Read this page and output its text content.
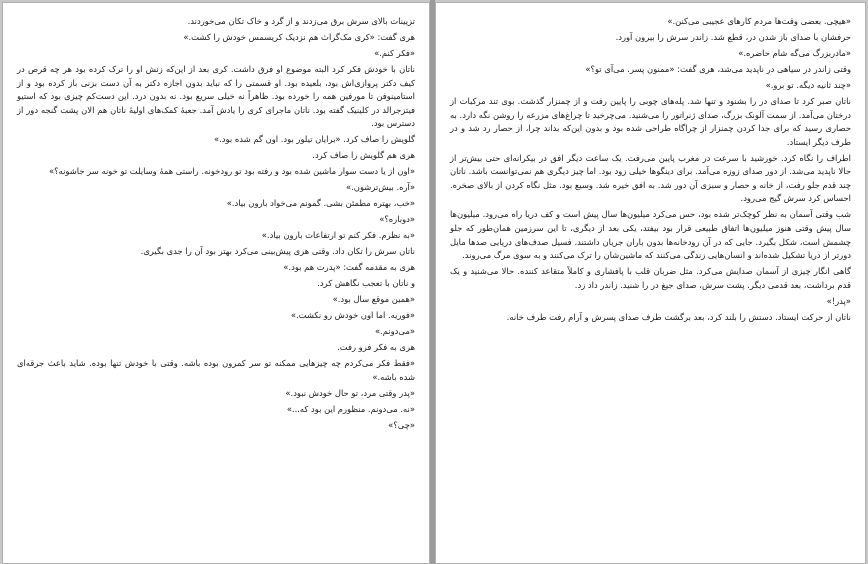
تزیینات بالای سرش برق می‌زدند و از گرد و خاک تکان می‌خوردند.

هری گفت: «کری مک‌گراث هم نزدیک کریسمس خودش را کشت.»

«فکر کنم.»

ناتان با خودش فکر کرد البته موضوع او فرق داشت. کری بعد از این‌که زنش او را ترک کرده بود هر چه قرص در کیف دکتر پروازی‌اش بود، بلعیده بود. او قسمتی را که نباید بدون اجازه دکتر به آن دست بزنی باز کرده بود و از استامینوفن تا مورفین همه را خورده بود. ظاهراً نه خیلی سریع بود. نه بدون درد. این دست‌کم چیزی بود که استیو فیتزجرالد در کلینیک گفته بود. ناتان ماجرای کری را یادش آمد. جعبهٔ کمک‌های اولیهٔ ناتان هم الان پشت گنجه دور از دسترس بود.

گلویش را صاف کرد. «برایان تیلور بود. اون گم شده بود.»

هری هم گلویش را صاف کرد.

«اون از یا دست سوار ماشین شده بود و رفته بود تو رودخونه. راستی همهٔ وسایلت تو خونه سر جاشونه؟»

«آره. بیش‌ترشون.»

«خب، بهتره مطمئن بشی. گمونم می‌خواد بارون بیاد.»

«دوباره؟»

«به نظرم. فکر کنم تو ارتفاعات بارون بیاد.»

ناتان سرش را تکان داد. وقتی هری پیش‌بینی می‌کرد بهتر بود آن را جدی بگیری.

هری به مقدمه گفت: «پدرت هم بود.»

و ناتان با تعجب نگاهش کرد.

«همین موقع سال بود.»

«فوریه. اما اون خودش رو نکشت.»

«می‌دونم.»

هری به فکر فرو رفت.

«فقط فکر می‌کردم چه چیزهایی ممکنه تو سر کمرون بوده باشه. وقتی با خودش تنها بوده. شاید باعث جرقه‌ای شده باشه.»

«پدر وقتی مرد، تو حال خودش نبود.»

«نه. می‌دونم. منظورم این بود که...»

«چی؟»

«هیچی. بعضی وقت‌ها مردم کارهای عجیبی می‌کنن.»

حرفشان با صدای باز شدن در، قطع شد. زاندر سرش را بیرون آورد.

«مادربزرگ می‌گه شام حاضره.»

وقتی زاندر در سیاهی در ناپدید می‌شد، هری گفت: «ممنون پسر. می‌آی تو؟»

«چند ثانیه دیگه. تو برو.»

ناتان صبر کرد تا صدای در را بشنود و تنها شد. پله‌های چوبی را پایین رفت و از چمنزار گذشت. بوی تند مرکبات از درختان می‌آمد. از سمت آلونک بزرگ، صدای ژنراتور را می‌شنید. می‌چرخید تا چراغ‌های مزرعه را روشن نگه دارد. به حصاری رسید که برای جدا کردن چمنزار از چراگاه طراحی شده بود و بدون این‌که بداند چرا، از حصار رد شد و در طرف دیگر ایستاد.

اطراف را نگاه کرد. خورشید با سرعت در مغرب پایین می‌رفت. یک ساعت دیگر افق در بیکرانه‌ای حتی بیش‌تر از حالا ناپدید می‌شد. از دور صدای زوزه می‌آمد. برای دینگوها خیلی زود بود. اما چیز دیگری هم نمی‌توانست باشد. ناتان چند قدم جلو رفت، از خانه و حصار و سبزی آن دور شد. به افق خیره شد. وسیع بود. مثل نگاه کردن از بالای صخره. احساس کرد سرش گیج می‌رود.

شب وقتی آسمان به نظر کوچک‌تر شده بود، حس می‌کرد میلیون‌ها سال پیش است و کف دریا راه می‌رود. میلیون‌ها سال پیش وقتی هنوز میلیون‌ها اتفاق طبیعی قرار بود بیفتد، یکی بعد از دیگری، تا این سرزمین همان‌طور که جلو چشمش است، شکل بگیرد. جایی که در آن رودخانه‌ها بدون باران جریان داشتند. فسیل صدف‌های دریایی صدها مایل دورتر از دریا تشکیل شده‌اند و انسان‌هایی زندگی می‌کنند که ماشین‌شان را ترک می‌کنند و به سوی مرگ می‌روند.

گاهی انگار چیزی از آسمان صدایش می‌کرد. مثل ضربان قلب با پافشاری و کاملاً متقاعد کننده. حالا می‌شنید و یک قدم برداشت، بعد قدمی دیگر. پشت سرش، صدای جیغ در را شنید. زاندر داد زد.

«پدر!»

ناتان از حرکت ایستاد. دستش را بلند کرد، بعد برگشت طرف صدای پسرش و آرام رفت طرف خانه.
